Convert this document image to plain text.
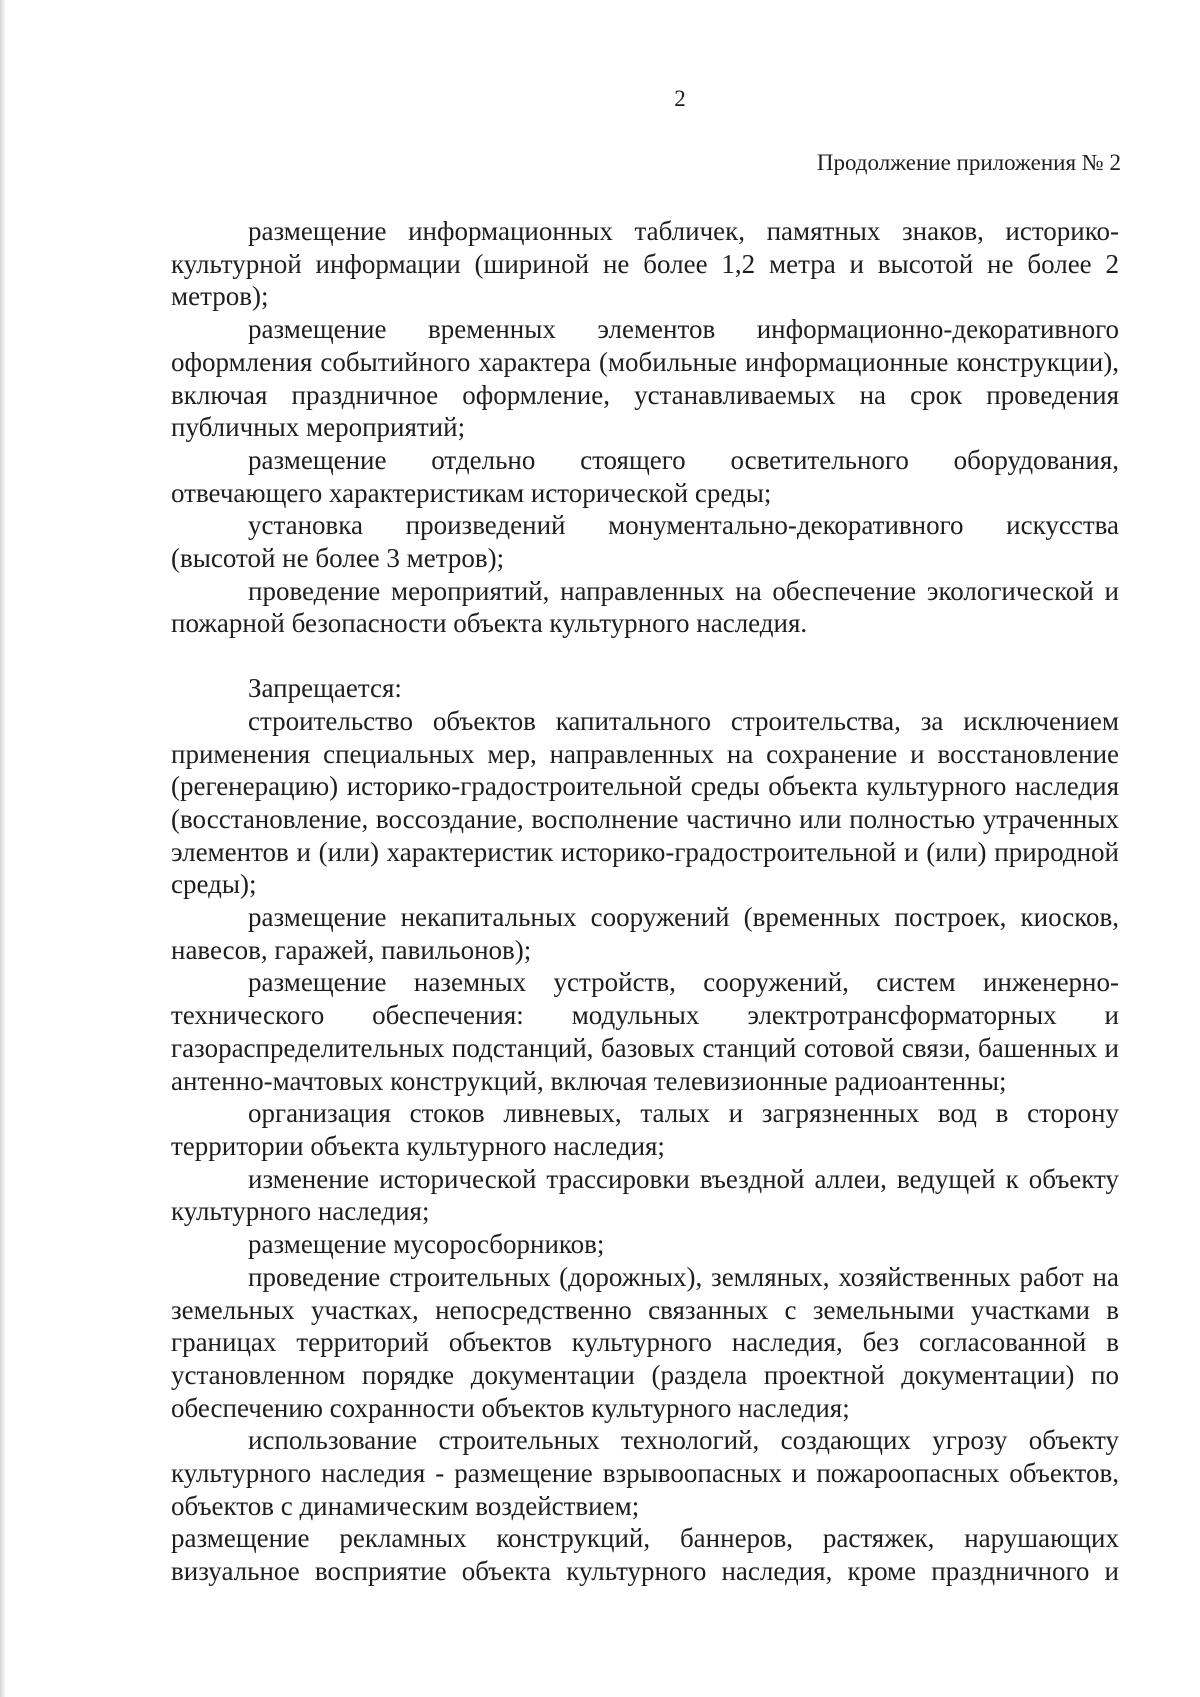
2
Продолжение приложения № 2

размещение информационных табличек, памятных знаков, историко-культурной информации (шириной не более 1,2 метра и высотой не более 2 метров);

размещение временных элементов информационно-декоративного оформления событийного характера (мобильные информационные конструкции), включая праздничное оформление, устанавливаемых на срок проведения публичных мероприятий;

размещение отдельно стоящего осветительного оборудования, отвечающего характеристикам исторической среды;

установка произведений монументально-декоративного искусства (высотой не более 3 метров);

проведение мероприятий, направленных на обеспечение экологической и пожарной безопасности объекта культурного наследия.

Запрещается:

строительство объектов капитального строительства, за исключением применения специальных мер, направленных на сохранение и восстановление (регенерацию) историко-градостроительной среды объекта культурного наследия (восстановление, воссоздание, восполнение частично или полностью утраченных элементов и (или) характеристик историко-градостроительной и (или) природной среды);

размещение некапитальных сооружений (временных построек, киосков, навесов, гаражей, павильонов);

размещение наземных устройств, сооружений, систем инженерно-технического обеспечения: модульных электротрансформаторных и газораспределительных подстанций, базовых станций сотовой связи, башенных и антенно-мачтовых конструкций, включая телевизионные радиоантенны;

организация стоков ливневых, талых и загрязненных вод в сторону территории объекта культурного наследия;

изменение исторической трассировки въездной аллеи, ведущей к объекту культурного наследия;

размещение мусоросборников;

проведение строительных (дорожных), земляных, хозяйственных работ на земельных участках, непосредственно связанных с земельными участками в границах территорий объектов культурного наследия, без согласованной в установленном порядке документации (раздела проектной документации) по обеспечению сохранности объектов культурного наследия;

использование строительных технологий, создающих угрозу объекту культурного наследия - размещение взрывоопасных и пожароопасных объектов, объектов с динамическим воздействием;

размещение рекламных конструкций, баннеров, растяжек, нарушающих визуальное восприятие объекта культурного наследия, кроме праздничного и
